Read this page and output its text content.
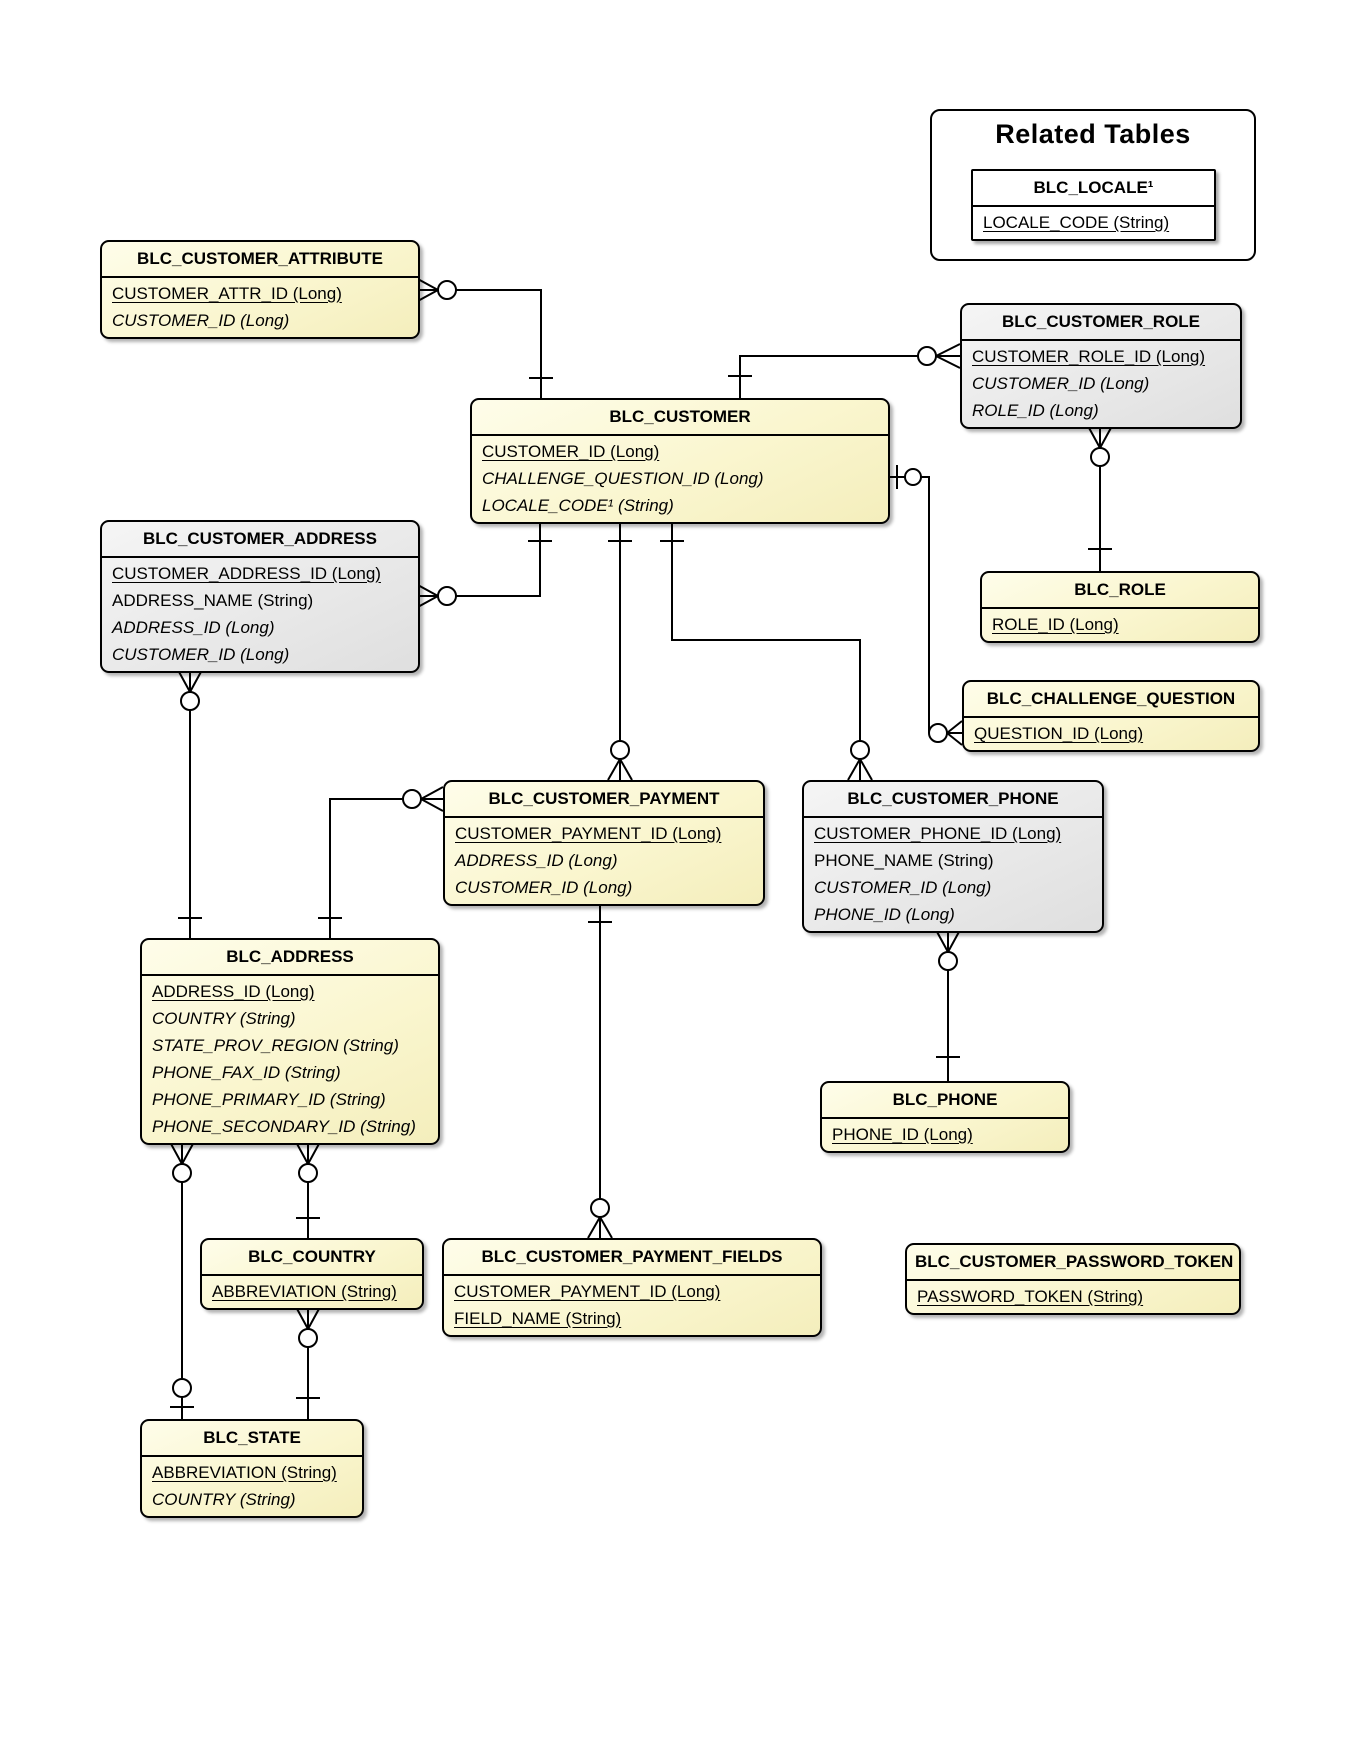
Related Tables
BLC_LOCALE¹
LOCALE_CODE (String)
BLC_CUSTOMER_ATTRIBUTE
CUSTOMER_ATTR_ID (Long)
CUSTOMER_ID (Long)	BLC_CUSTOMER_ROLE
CUSTOMER_ROLE_ID (Long)
CUSTOMER_ID (Long)
ROLE_ID (Long)
BLC_CUSTOMER
CUSTOMER_ID (Long)
CHALLENGE_QUESTION_ID (Long)
LOCALE_CODE¹ (String)
BLC_CUSTOMER_ADDRESS
CUSTOMER_ADDRESS_ID (Long)
ADDRESS_NAME (String)
ADDRESS_ID (Long)
CUSTOMER_ID (Long)
BLC_ROLE
ROLE_ID (Long)
BLC_CHALLENGE_QUESTION
QUESTION_ID (Long)
BLC_CUSTOMER_PAYMENT
CUSTOMER_PAYMENT_ID (Long)
ADDRESS_ID (Long)
CUSTOMER_ID (Long)
BLC_CUSTOMER_PHONE
CUSTOMER_PHONE_ID (Long)
PHONE_NAME (String)
CUSTOMER_ID (Long)
PHONE_ID (Long)
BLC_ADDRESS
ADDRESS_ID (Long)
COUNTRY (String)
STATE_PROV_REGION (String)
PHONE_FAX_ID (String)
PHONE_PRIMARY_ID (String)
PHONE_SECONDARY_ID (String)
BLC_PHONE
PHONE_ID (Long)
BLC_COUNTRY
ABBREVIATION (String)
BLC_CUSTOMER_PAYMENT_FIELDS
CUSTOMER_PAYMENT_ID (Long)
FIELD_NAME (String)
BLC_CUSTOMER_PASSWORD_TOKEN
PASSWORD_TOKEN (String)
BLC_STATE
ABBREVIATION (String)
COUNTRY (String)
